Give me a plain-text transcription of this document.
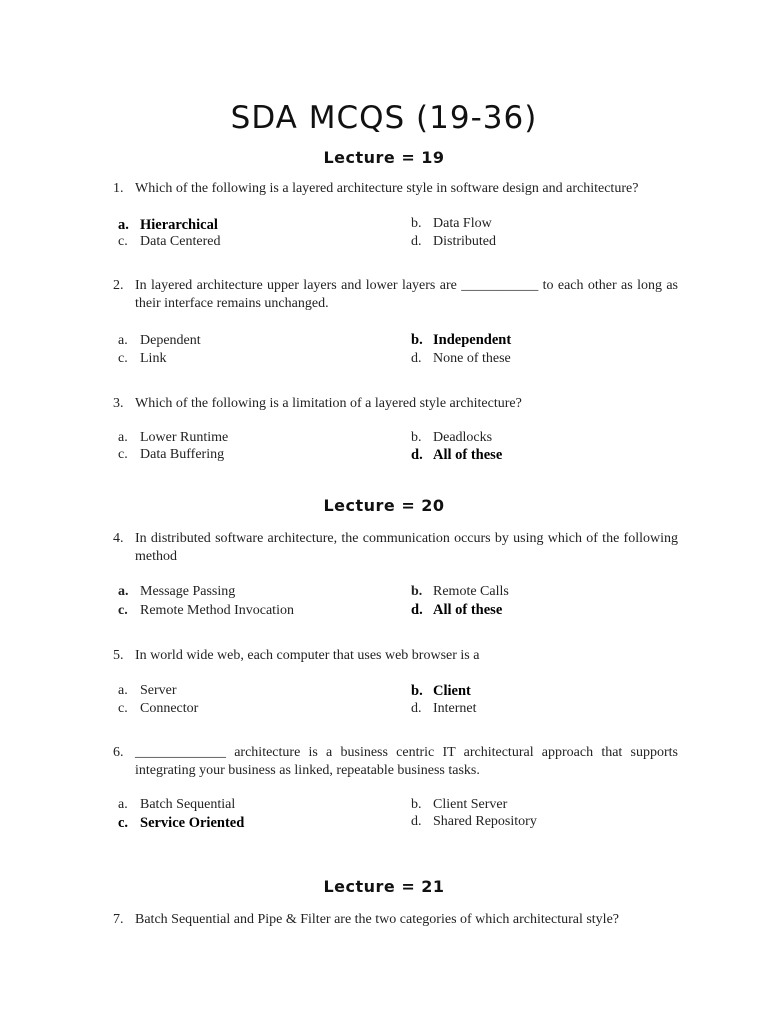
SDA MCQS (19-36)
Lecture = 19
1. Which of the following is a layered architecture style in software design and architecture?
a. Hierarchical	b. Data Flow
c. Data Centered	d. Distributed
2. In layered architecture upper layers and lower layers are ___________ to each other as long as their interface remains unchanged.
a. Dependent	b. Independent
c. Link	d. None of these
3. Which of the following is a limitation of a layered style architecture?
a. Lower Runtime	b. Deadlocks
c. Data Buffering	d. All of these
Lecture = 20
4. In distributed software architecture, the communication occurs by using which of the following method
a. Message Passing	b. Remote Calls
c. Remote Method Invocation	d. All of these
5. In world wide web, each computer that uses web browser is a
a. Server	b. Client
c. Connector	d. Internet
6. _____________ architecture is a business centric IT architectural approach that supports integrating your business as linked, repeatable business tasks.
a. Batch Sequential	b. Client Server
c. Service Oriented	d. Shared Repository
Lecture = 21
7. Batch Sequential and Pipe & Filter are the two categories of which architectural style?
